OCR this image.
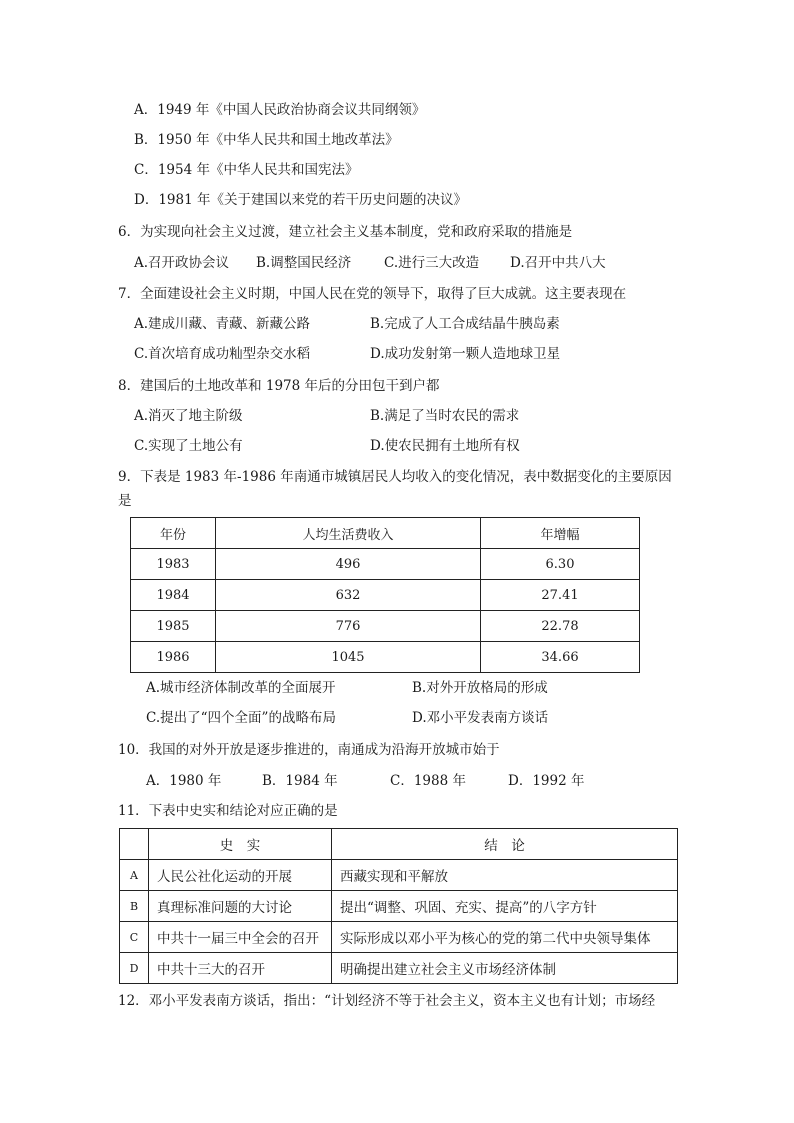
A．1949 年《中国人民政治协商会议共同纲领》
B．1950 年《中华人民共和国土地改革法》
C．1954 年《中华人民共和国宪法》
D．1981 年《关于建国以来党的若干历史问题的决议》
6．为实现向社会主义过渡，建立社会主义基本制度，党和政府采取的措施是
A.召开政协会议 B.调整国民经济 C.进行三大改造 D.召开中共八大
7．全面建设社会主义时期，中国人民在党的领导下，取得了巨大成就。这主要表现在
A.建成川藏、青藏、新藏公路	B.完成了人工合成结晶牛胰岛素
C.首次培育成功籼型杂交水稻	D.成功发射第一颗人造地球卫星
8．建国后的土地改革和 1978 年后的分田包干到户都
A.消灭了地主阶级	B.满足了当时农民的需求
C.实现了土地公有	D.使农民拥有土地所有权
9．下表是 1983 年-1986 年南通市城镇居民人均收入的变化情况，表中数据变化的主要原因
是
年份	人均生活费收入	年增幅
1983	496	6.30
1984	632	27.41
1985	776	22.78
1986	1045	34.66
A.城市经济体制改革的全面展开	B.对外开放格局的形成
C.提出了“四个全面”的战略布局	D.邓小平发表南方谈话
10．我国的对外开放是逐步推进的，南通成为沿海开放城市始于
A．1980 年	B．1984 年	C．1988 年	D．1992 年
11．下表中史实和结论对应正确的是
	史　实	结　论
A	人民公社化运动的开展	西藏实现和平解放
B	真理标准问题的大讨论	提出“调整、巩固、充实、提高”的八字方针
C	中共十一届三中全会的召开	实际形成以邓小平为核心的党的第二代中央领导集体
D	中共十三大的召开	明确提出建立社会主义市场经济体制
12．邓小平发表南方谈话，指出：“计划经济不等于社会主义，资本主义也有计划；市场经
